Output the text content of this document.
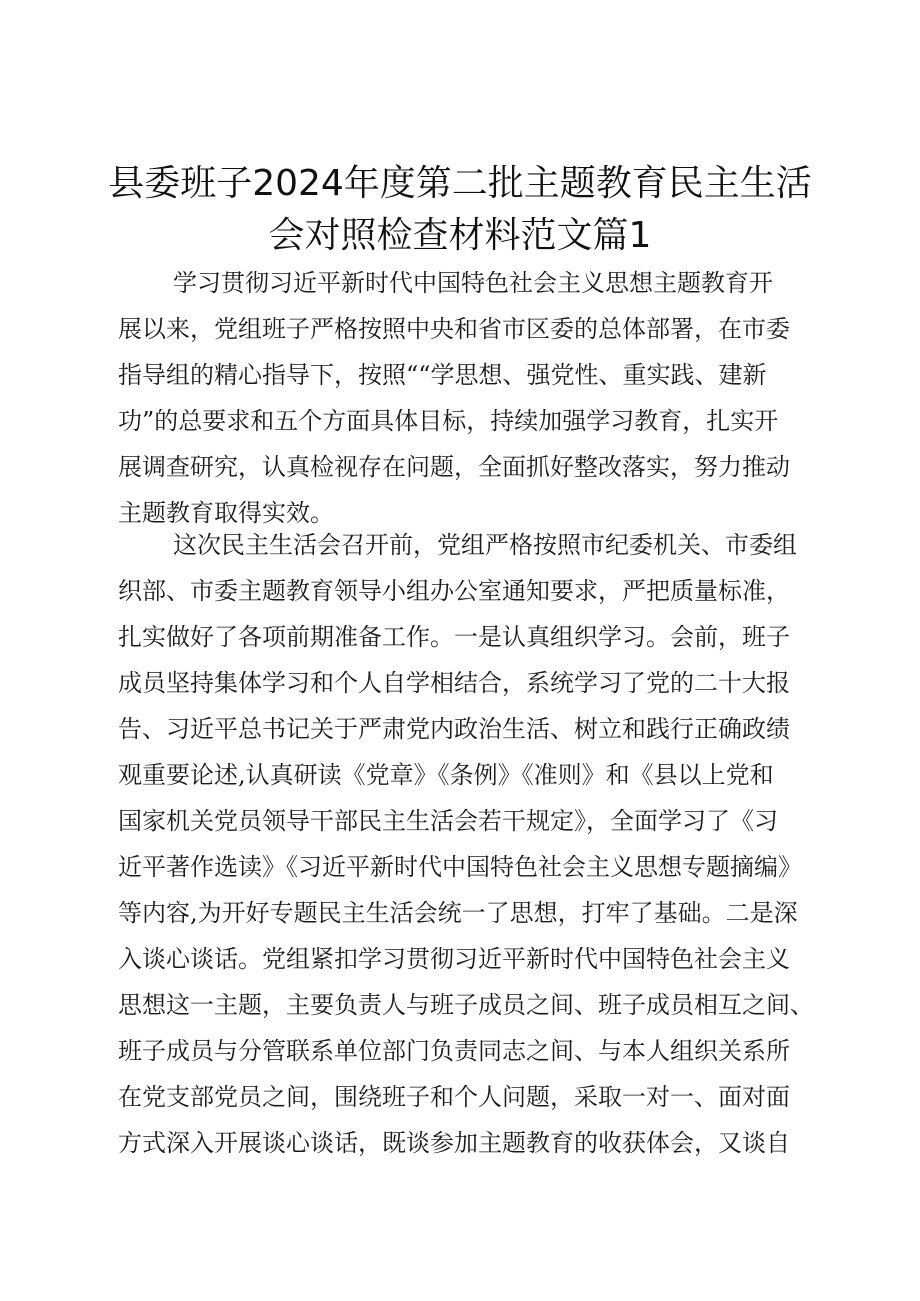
县委班子2024年度第二批主题教育民主生活
会对照检查材料范文篇1
学习贯彻习近平新时代中国特色社会主义思想主题教育开
展以来，党组班子严格按照中央和省市区委的总体部署，在市委
指导组的精心指导下，按照““学思想、强党性、重实践、建新
功”的总要求和五个方面具体目标，持续加强学习教育，扎实开
展调查研究，认真检视存在问题，全面抓好整改落实，努力推动
主题教育取得实效。
这次民主生活会召开前，党组严格按照市纪委机关、市委组
织部、市委主题教育领导小组办公室通知要求，严把质量标准，
扎实做好了各项前期准备工作。一是认真组织学习。会前，班子
成员坚持集体学习和个人自学相结合，系统学习了党的二十大报
告、习近平总书记关于严肃党内政治生活、树立和践行正确政绩
观重要论述,认真研读《党章》《条例》《准则》和《县以上党和
国家机关党员领导干部民主生活会若干规定》，全面学习了《习
近平著作选读》《习近平新时代中国特色社会主义思想专题摘编》
等内容,为开好专题民主生活会统一了思想，打牢了基础。二是深
入谈心谈话。党组紧扣学习贯彻习近平新时代中国特色社会主义
思想这一主题，主要负责人与班子成员之间、班子成员相互之间、
班子成员与分管联系单位部门负责同志之间、与本人组织关系所
在党支部党员之间，围绕班子和个人问题，采取一对一、面对面
方式深入开展谈心谈话，既谈参加主题教育的收获体会，又谈自
